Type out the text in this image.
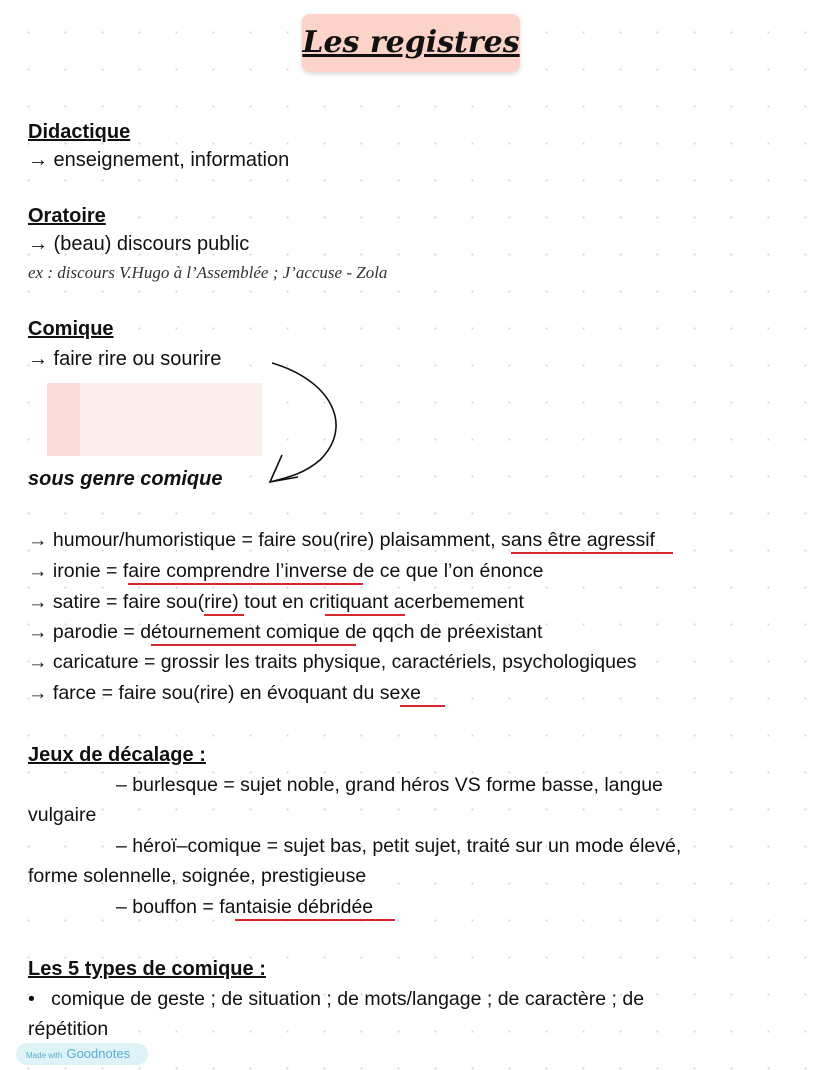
Les registres
Didactique
→ enseignement, information
Oratoire
→ (beau) discours public
ex : discours V.Hugo à l’Assemblée ; J’accuse - Zola
Comique
→ faire rire ou sourire
sous genre comique
→ humour/humoristique = faire sou(rire) plaisamment, sans être agressif
→ ironie = faire comprendre l’inverse de ce que l’on énonce
→ satire = faire sou(rire) tout en critiquant acerbemement
→ parodie = détournement comique de qqch de préexistant
→ caricature = grossir les traits physique, caractériels, psychologiques
→ farce = faire sou(rire) en évoquant du sexe
Jeux de décalage :
– burlesque = sujet noble, grand héros VS forme basse, langue
vulgaire
– héroï–comique = sujet bas, petit sujet, traité sur un mode élevé,
forme solennelle, soignée, prestigieuse
– bouffon = fantaisie débridée
Les 5 types de comique :
• comique de geste ; de situation ; de mots/langage ; de caractère ; de
répétition
Made with Goodnotes
